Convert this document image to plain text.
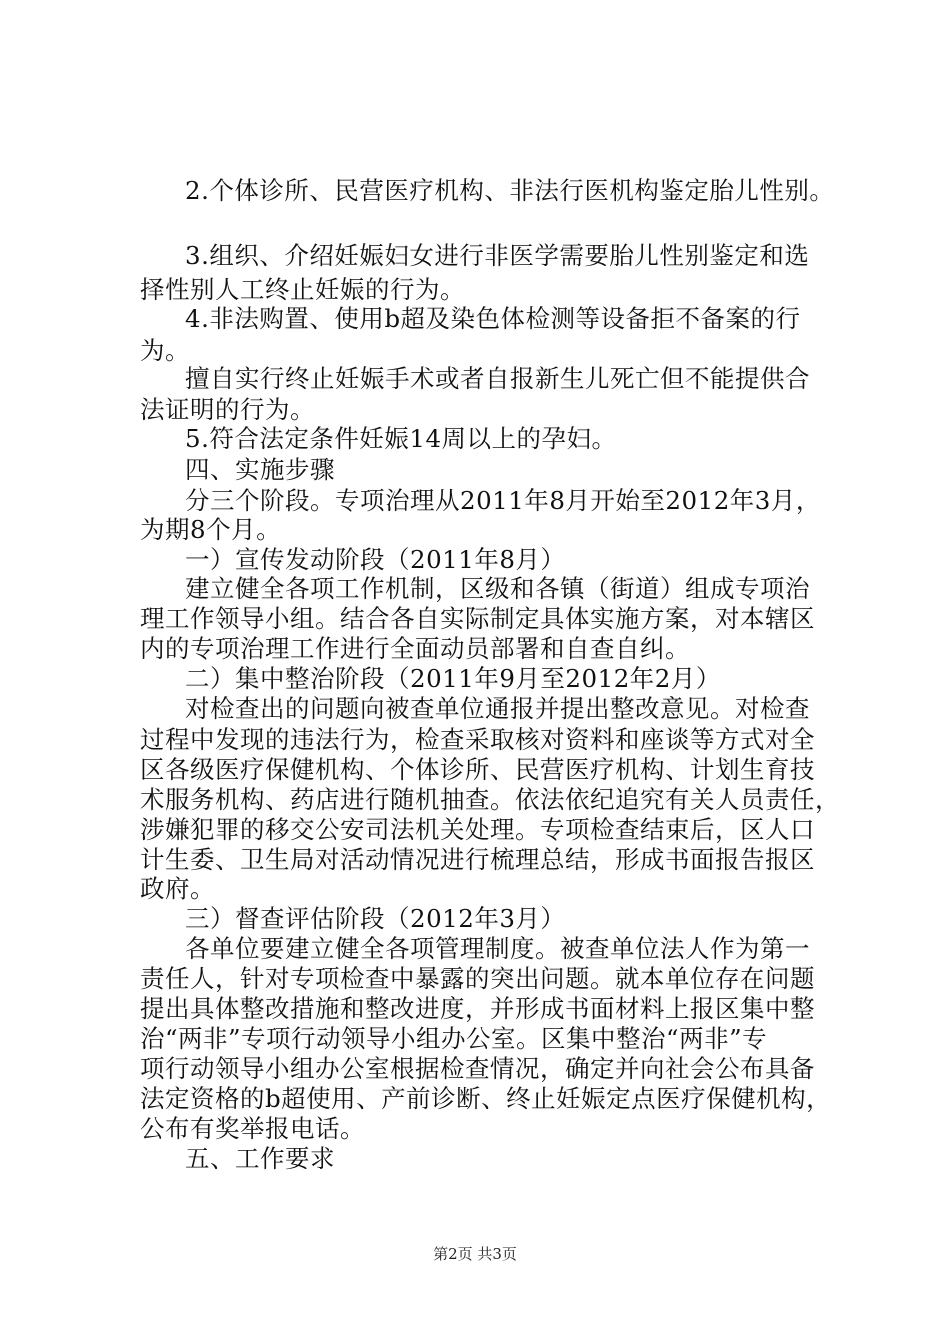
2.个体诊所、民营医疗机构、非法行医机构鉴定胎儿性别。

3.组织、介绍妊娠妇女进行非医学需要胎儿性别鉴定和选

择性别人工终止妊娠的行为。

4.非法购置、使用b超及染色体检测等设备拒不备案的行

为。

擅自实行终止妊娠手术或者自报新生儿死亡但不能提供合

法证明的行为。

5.符合法定条件妊娠14周以上的孕妇。

四、实施步骤

分三个阶段。专项治理从2011年8月开始至2012年3月，

为期8个月。

一）宣传发动阶段（2011年8月）

建立健全各项工作机制，区级和各镇（街道）组成专项治

理工作领导小组。结合各自实际制定具体实施方案，对本辖区

内的专项治理工作进行全面动员部署和自查自纠。

二）集中整治阶段（2011年9月至2012年2月）

对检查出的问题向被查单位通报并提出整改意见。对检查

过程中发现的违法行为，检查采取核对资料和座谈等方式对全

区各级医疗保健机构、个体诊所、民营医疗机构、计划生育技

术服务机构、药店进行随机抽查。依法依纪追究有关人员责任，

涉嫌犯罪的移交公安司法机关处理。专项检查结束后，区人口

计生委、卫生局对活动情况进行梳理总结，形成书面报告报区

政府。

三）督查评估阶段（2012年3月）

各单位要建立健全各项管理制度。被查单位法人作为第一

责任人，针对专项检查中暴露的突出问题。就本单位存在问题

提出具体整改措施和整改进度，并形成书面材料上报区集中整

治“两非”专项行动领导小组办公室。区集中整治“两非”专

项行动领导小组办公室根据检查情况，确定并向社会公布具备

法定资格的b超使用、产前诊断、终止妊娠定点医疗保健机构，

公布有奖举报电话。

五、工作要求

第2页 共3页
